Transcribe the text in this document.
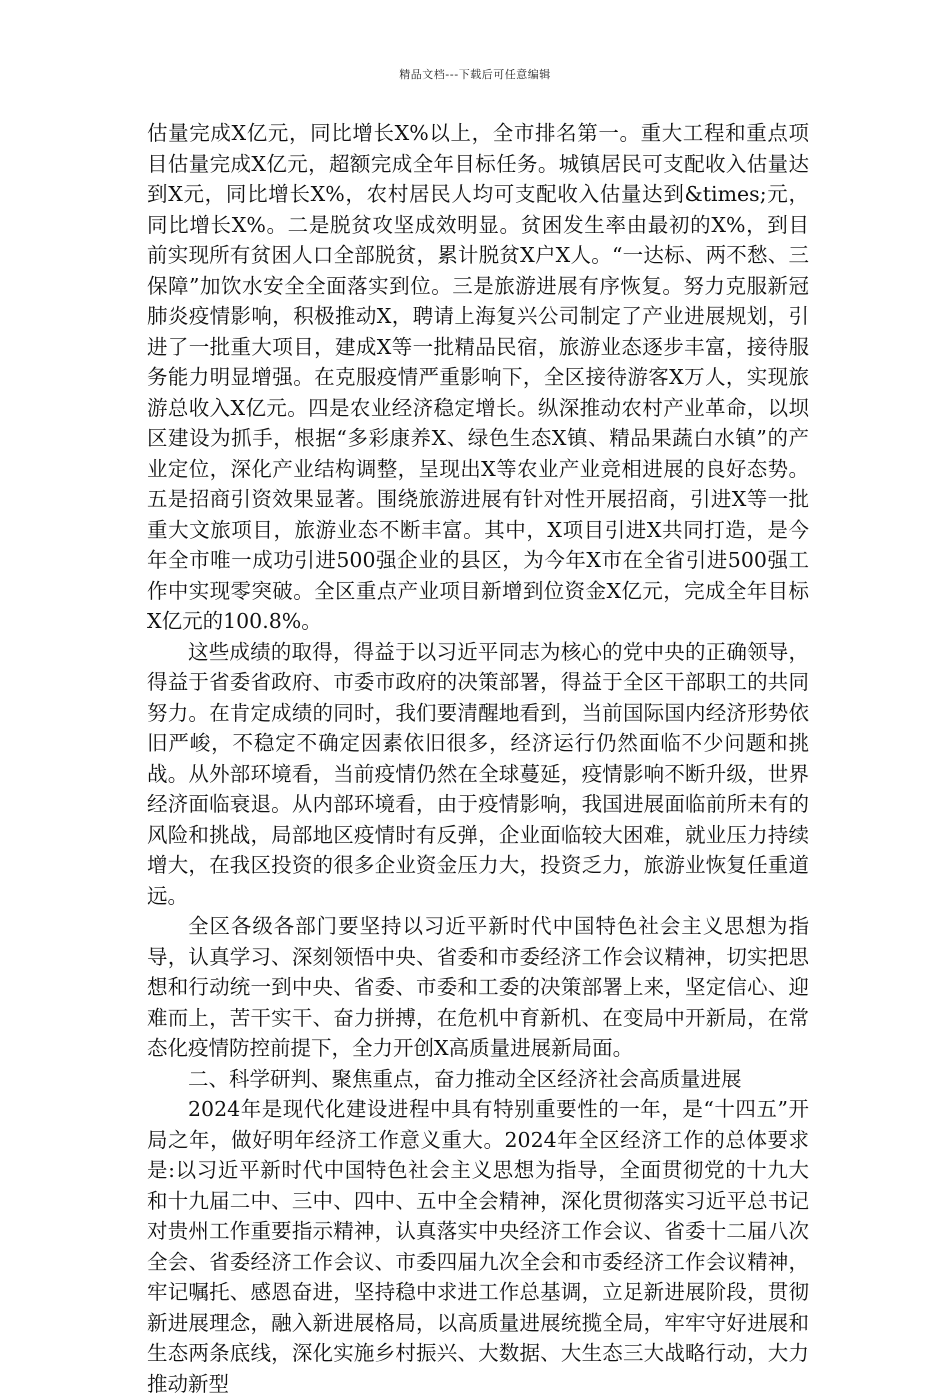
精品文档---下载后可任意编辑

估量完成X亿元，同比增长X%以上，全市排名第一。重大工程和重点项目估量完成X亿元，超额完成全年目标任务。城镇居民可支配收入估量达到X元，同比增长X%，农村居民人均可支配收入估量达到&times;元，同比增长X%。二是脱贫攻坚成效明显。贫困发生率由最初的X%，到目前实现所有贫困人口全部脱贫，累计脱贫X户X人。“一达标、两不愁、三保障”加饮水安全全面落实到位。三是旅游进展有序恢复。努力克服新冠肺炎疫情影响，积极推动X，聘请上海复兴公司制定了产业进展规划，引进了一批重大项目，建成X等一批精品民宿，旅游业态逐步丰富，接待服务能力明显增强。在克服疫情严重影响下，全区接待游客X万人，实现旅游总收入X亿元。四是农业经济稳定增长。纵深推动农村产业革命，以坝区建设为抓手，根据“多彩康养X、绿色生态X镇、精品果蔬白水镇”的产业定位，深化产业结构调整，呈现出X等农业产业竞相进展的良好态势。五是招商引资效果显著。围绕旅游进展有针对性开展招商，引进X等一批重大文旅项目，旅游业态不断丰富。其中，X项目引进X共同打造，是今年全市唯一成功引进500强企业的县区，为今年X市在全省引进500强工作中实现零突破。全区重点产业项目新增到位资金X亿元，完成全年目标X亿元的100.8%。

这些成绩的取得，得益于以习近平同志为核心的党中央的正确领导，得益于省委省政府、市委市政府的决策部署，得益于全区干部职工的共同努力。在肯定成绩的同时，我们要清醒地看到，当前国际国内经济形势依旧严峻，不稳定不确定因素依旧很多，经济运行仍然面临不少问题和挑战。从外部环境看，当前疫情仍然在全球蔓延，疫情影响不断升级，世界经济面临衰退。从内部环境看，由于疫情影响，我国进展面临前所未有的风险和挑战，局部地区疫情时有反弹，企业面临较大困难，就业压力持续增大，在我区投资的很多企业资金压力大，投资乏力，旅游业恢复任重道远。

全区各级各部门要坚持以习近平新时代中国特色社会主义思想为指导，认真学习、深刻领悟中央、省委和市委经济工作会议精神，切实把思想和行动统一到中央、省委、市委和工委的决策部署上来，坚定信心、迎难而上，苦干实干、奋力拼搏，在危机中育新机、在变局中开新局，在常态化疫情防控前提下，全力开创X高质量进展新局面。

二、科学研判、聚焦重点，奋力推动全区经济社会高质量进展

2024年是现代化建设进程中具有特别重要性的一年，是“十四五”开局之年，做好明年经济工作意义重大。2024年全区经济工作的总体要求是:以习近平新时代中国特色社会主义思想为指导，全面贯彻党的十九大和十九届二中、三中、四中、五中全会精神，深化贯彻落实习近平总书记对贵州工作重要指示精神，认真落实中央经济工作会议、省委十二届八次全会、省委经济工作会议、市委四届九次全会和市委经济工作会议精神，牢记嘱托、感恩奋进，坚持稳中求进工作总基调，立足新进展阶段，贯彻新进展理念，融入新进展格局，以高质量进展统揽全局，牢牢守好进展和生态两条底线，深化实施乡村振兴、大数据、大生态三大战略行动，大力推动新型
